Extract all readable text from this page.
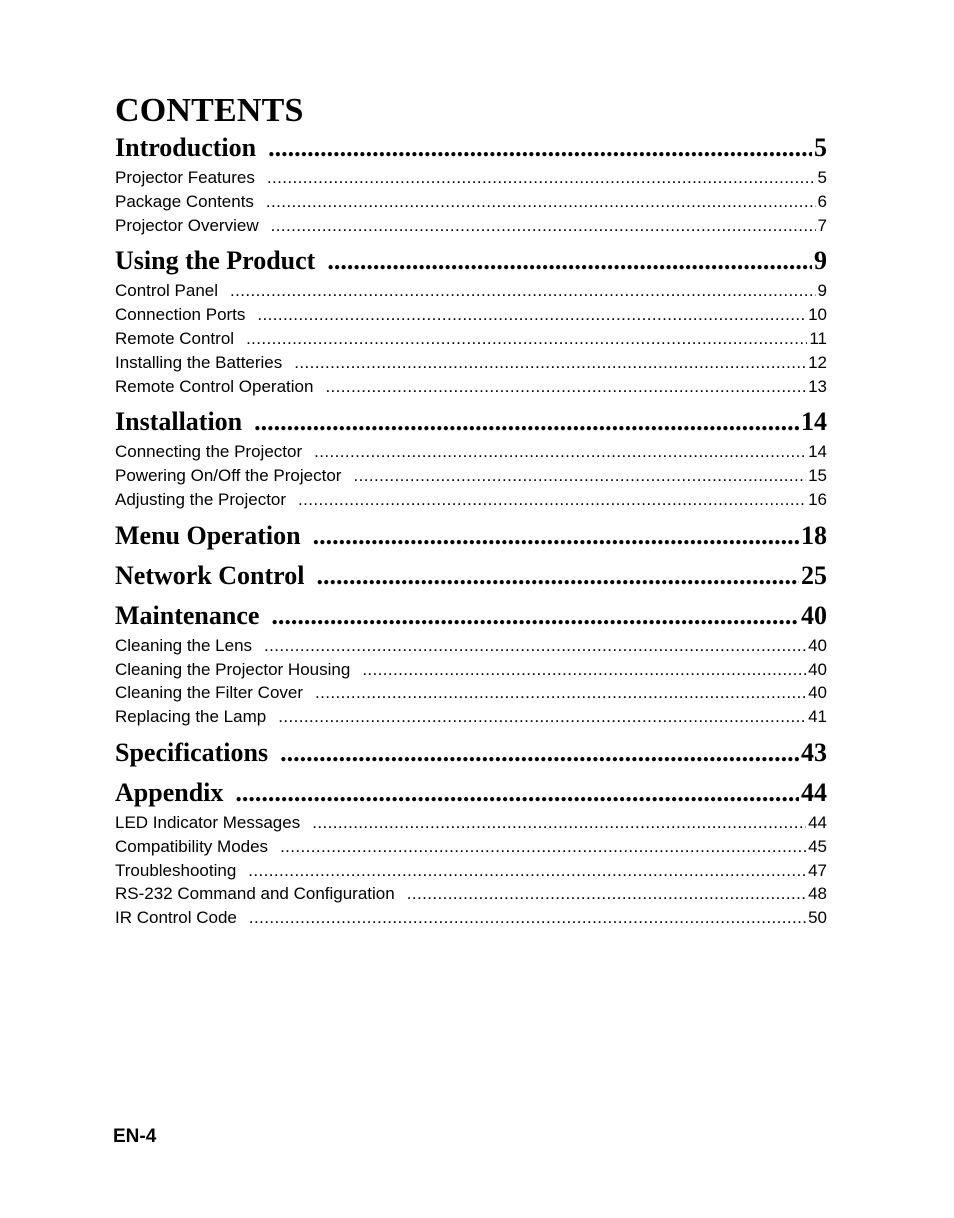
CONTENTS
Introduction .....	5
Projector Features .....	5
Package Contents .....	6
Projector Overview .....	7
Using the Product .....	9
Control Panel .....	9
Connection Ports .....	10
Remote Control .....	11
Installing the Batteries .....	12
Remote Control Operation .....	13
Installation .....	14
Connecting the Projector .....	14
Powering On/Off the Projector .....	15
Adjusting the Projector .....	16
Menu Operation .....	18
Network Control .....	25
Maintenance .....	40
Cleaning the Lens .....	40
Cleaning the Projector Housing .....	40
Cleaning the Filter Cover .....	40
Replacing the Lamp .....	41
Specifications .....	43
Appendix .....	44
LED Indicator Messages .....	44
Compatibility Modes .....	45
Troubleshooting .....	47
RS-232 Command and Configuration .....	48
IR Control Code .....	50
EN-4
